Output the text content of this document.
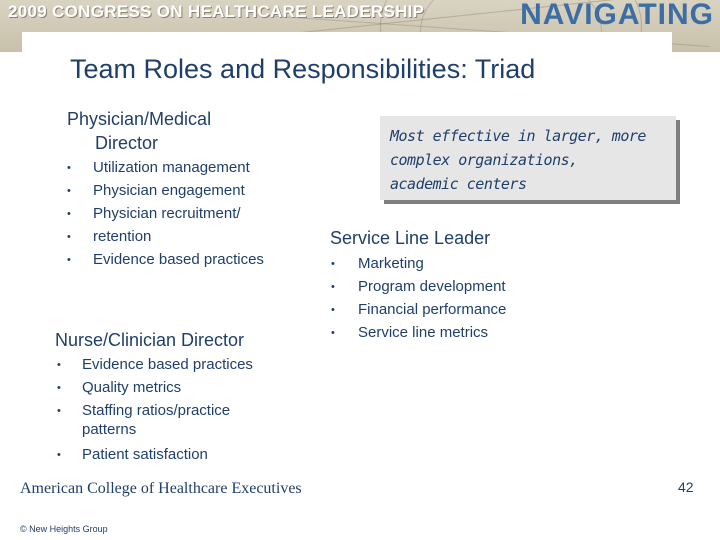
2009 CONGRESS ON HEALTHCARE LEADERSHIP	NAVIGATING
Team Roles and Responsibilities: Triad
Physician/Medical
Director
• Utilization management
• Physician engagement
• Physician recruitment/
• retention
• Evidence based practices
Most effective in larger, more
complex organizations,
academic centers
Service Line Leader
• Marketing
• Program development
• Financial performance
• Service line metrics
Nurse/Clinician Director
• Evidence based practices
• Quality metrics
• Staffing ratios/practice patterns
• Patient satisfaction
American College of Healthcare Executives
© New Heights Group
42
